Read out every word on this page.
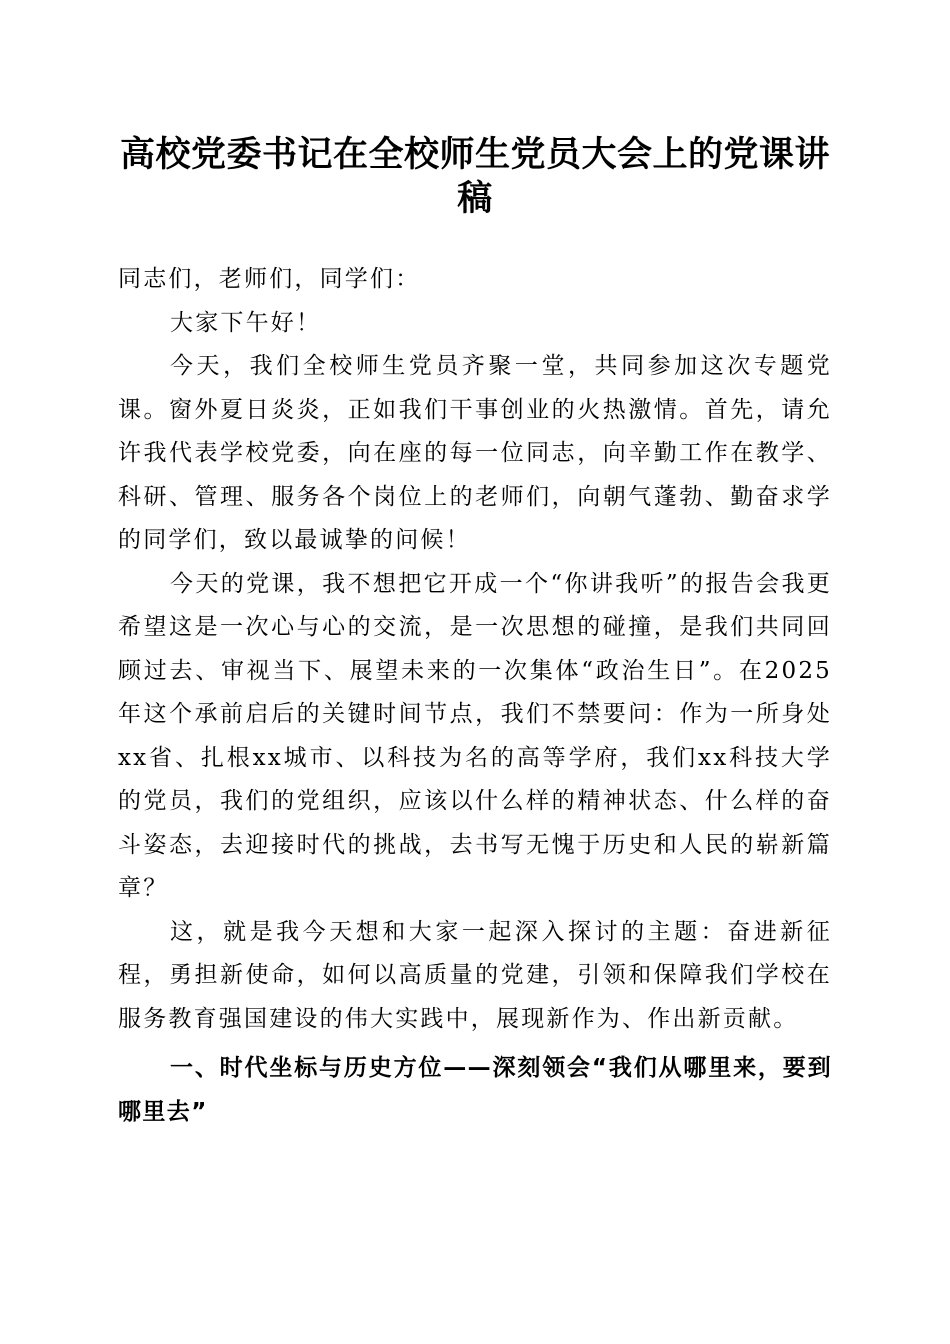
高校党委书记在全校师生党员大会上的党课讲稿

同志们，老师们，同学们：

大家下午好！

今天，我们全校师生党员齐聚一堂，共同参加这次专题党课。窗外夏日炎炎，正如我们干事创业的火热激情。首先，请允许我代表学校党委，向在座的每一位同志，向辛勤工作在教学、科研、管理、服务各个岗位上的老师们，向朝气蓬勃、勤奋求学的同学们，致以最诚挚的问候！

今天的党课，我不想把它开成一个“你讲我听”的报告会我更希望这是一次心与心的交流，是一次思想的碰撞，是我们共同回顾过去、审视当下、展望未来的一次集体“政治生日”。在2025年这个承前启后的关键时间节点，我们不禁要问：作为一所身处xx省、扎根xx城市、以科技为名的高等学府，我们xx科技大学的党员，我们的党组织，应该以什么样的精神状态、什么样的奋斗姿态，去迎接时代的挑战，去书写无愧于历史和人民的崭新篇章？

这，就是我今天想和大家一起深入探讨的主题：奋进新征程，勇担新使命，如何以高质量的党建，引领和保障我们学校在服务教育强国建设的伟大实践中，展现新作为、作出新贡献。

一、时代坐标与历史方位——深刻领会“我们从哪里来，要到哪里去”
